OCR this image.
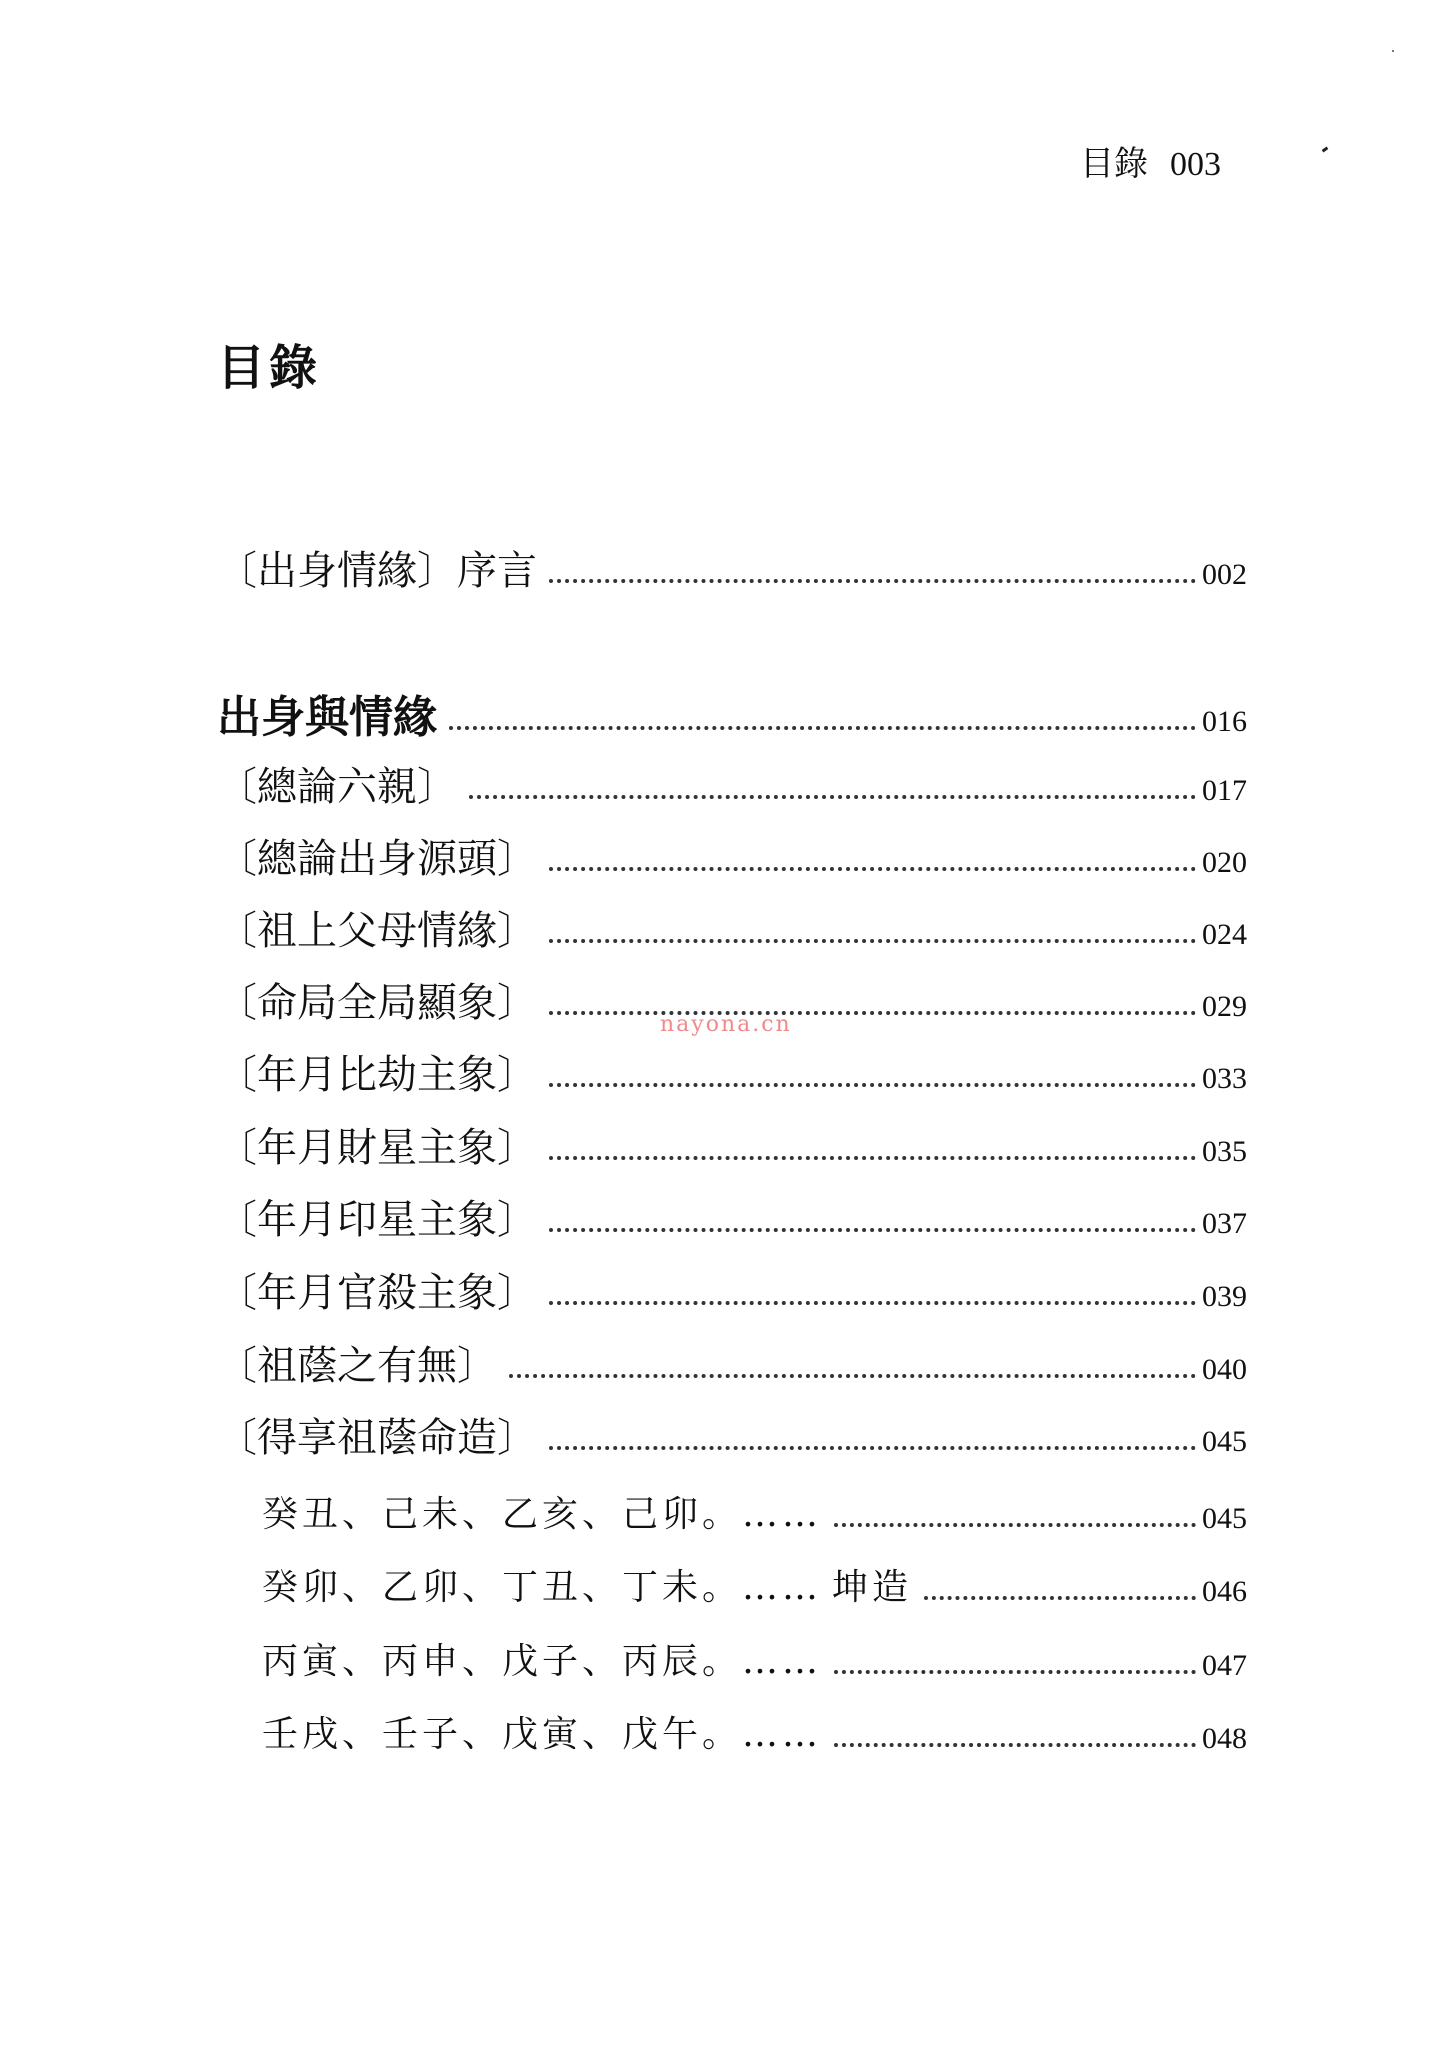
目錄 003
目錄
〔出身情緣〕序言	002
出身與情緣	016
〔總論六親〕	017
〔總論出身源頭〕	020
〔祖上父母情緣〕	024
〔命局全局顯象〕	029
〔年月比劫主象〕	033
〔年月財星主象〕	035
〔年月印星主象〕	037
〔年月官殺主象〕	039
〔祖蔭之有無〕	040
〔得享祖蔭命造〕	045
癸丑、己未、乙亥、己卯。……	045
癸卯、乙卯、丁丑、丁未。…… 坤造	046
丙寅、丙申、戊子、丙辰。……	047
壬戌、壬子、戊寅、戊午。……	048
nayona.cn
